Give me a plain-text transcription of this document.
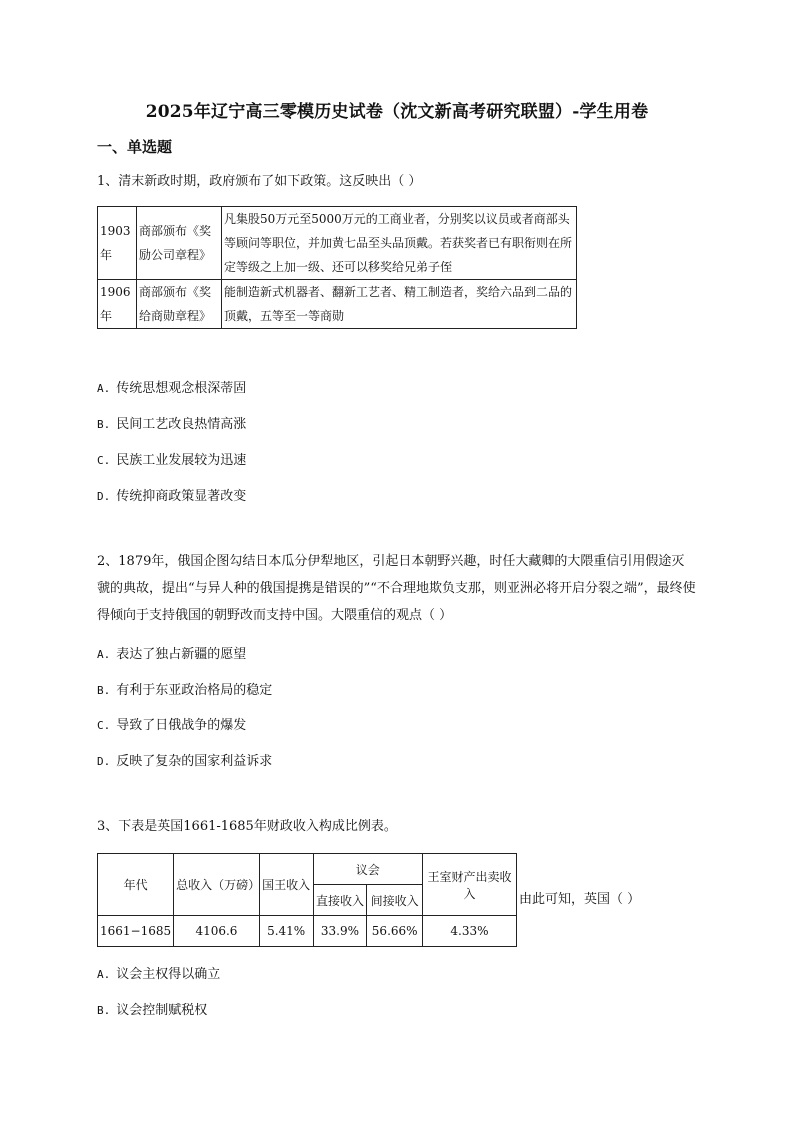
2025年辽宁高三零模历史试卷（沈文新高考研究联盟）-学生用卷
一、单选题
1、清末新政时期，政府颁布了如下政策。这反映出（ ）
1903年	商部颁布《奖励公司章程》	凡集股50万元至5000万元的工商业者，分别奖以议员或者商部头等顾问等职位，并加黄七品至头品顶戴。若获奖者已有职衔则在所定等级之上加一级、还可以移奖给兄弟子侄
1906年	商部颁布《奖给商勋章程》	能制造新式机器者、翻新工艺者、精工制造者，奖给六品到二品的顶戴，五等至一等商勋
A. 传统思想观念根深蒂固
B. 民间工艺改良热情高涨
C. 民族工业发展较为迅速
D. 传统抑商政策显著改变
2、1879年，俄国企图勾结日本瓜分伊犁地区，引起日本朝野兴趣，时任大藏卿的大隈重信引用假途灭虢的典故，提出“与异人种的俄国提携是错误的”“不合理地欺负支那，则亚洲必将开启分裂之端”，最终使得倾向于支持俄国的朝野改而支持中国。大隈重信的观点（ ）
A. 表达了独占新疆的愿望
B. 有利于东亚政治格局的稳定
C. 导致了日俄战争的爆发
D. 反映了复杂的国家利益诉求
3、下表是英国1661-1685年财政收入构成比例表。
年代	总收入（万磅）	国王收入	议会		王室财产出卖收入
			直接收入	间接收入	
1661−1685	4106.6	5.41%	33.9%	56.66%	4.33%
由此可知，英国（ ）
A. 议会主权得以确立
B. 议会控制赋税权
